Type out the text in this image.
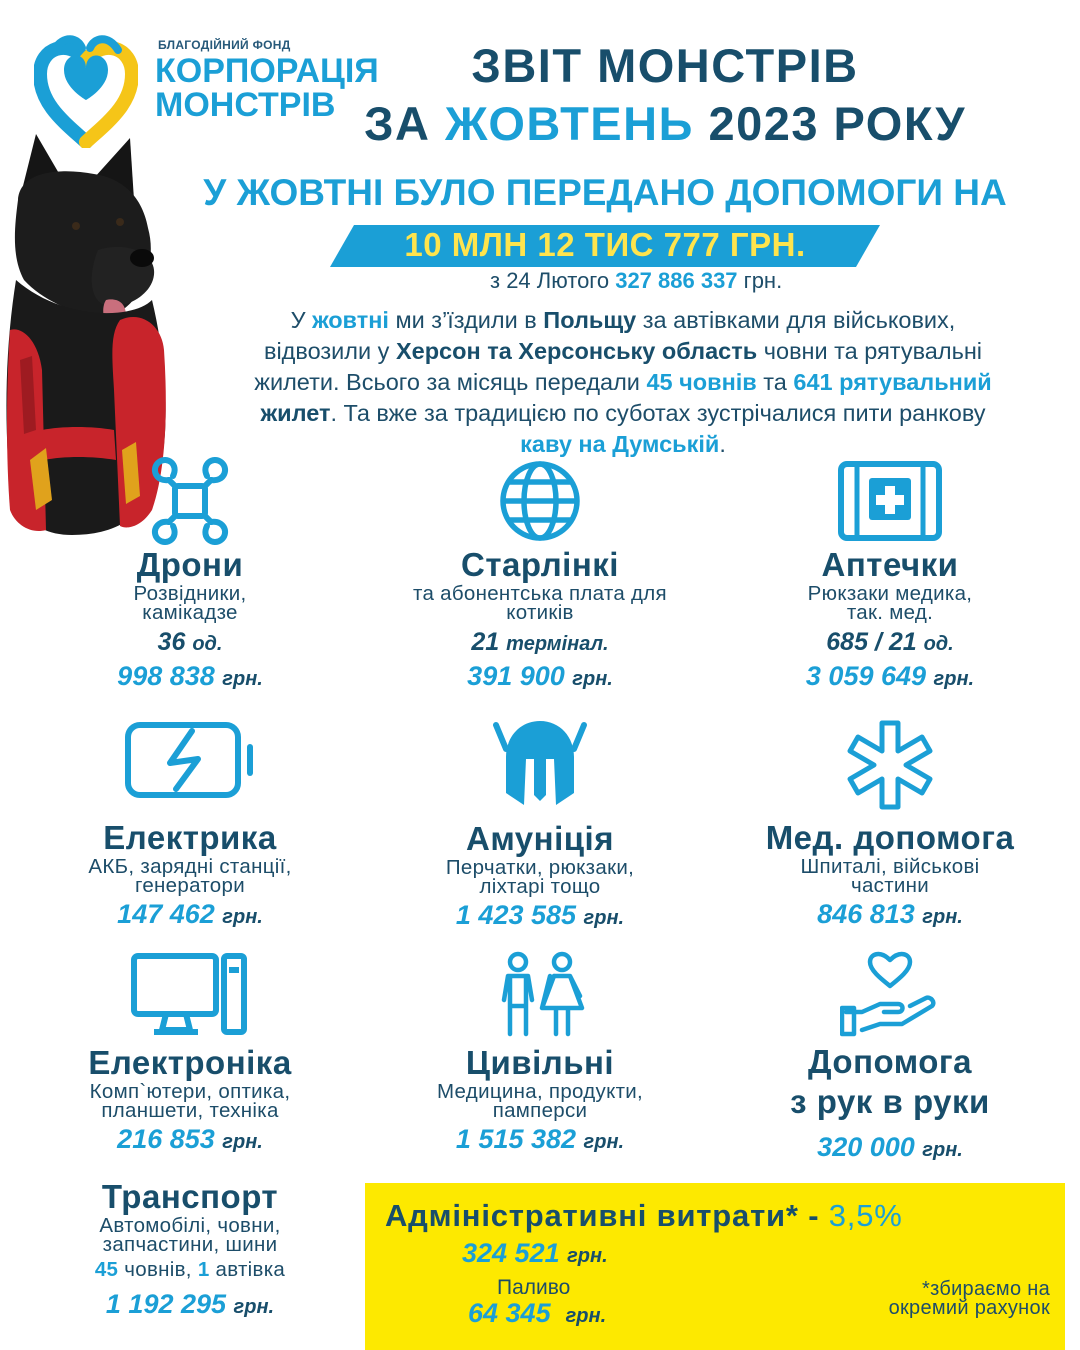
БЛАГОДІЙНИЙ ФОНД
КОРПОРАЦІЯ
МОНСТРІВ
ЗВІТ МОНСТРІВ
ЗА ЖОВТЕНЬ 2023 РОКУ
У ЖОВТНІ БУЛО ПЕРЕДАНО ДОПОМОГИ НА
10 МЛН 12 ТИС 777 ГРН.
з 24 Лютого 327 886 337 грн.
У жовтні ми з’їздили в Польщу за автівками для військових,
відвозили у Херсон та Херсонську область човни та рятувальні
жилети. Всього за місяць передали 45 човнів та 641 рятувальний
жилет. Та вже за традицією по суботах зустрічалися пити ранкову
каву на Думській.
Дрони
Розвідники,
камікадзе
36 од.
998 838 грн.
Старлінкі
та абонентська плата для
котиків
21 термінал.
391 900 грн.
Аптечки
Рюкзаки медика,
так. мед.
685 / 21 од.
3 059 649 грн.
Електрика
АКБ, зарядні станції,
генератори
147 462 грн.
Амуніція
Перчатки, рюкзаки,
ліхтарі тощо
1 423 585 грн.
Мед. допомога
Шпиталі, військові
частини
846 813 грн.
Електроніка
Комп`ютери, оптика,
планшети, техніка
216 853 грн.
Цивільні
Медицина, продукти,
памперси
1 515 382 грн.
Допомога
з рук в руки
320 000 грн.
Транспорт
Автомобілі, човни,
запчастини, шини
45 човнів, 1 автівка
1 192 295 грн.
Адміністративні витрати* - 3,5%
324 521 грн.
Паливо
64 345 грн.
*збираємо на
окремий рахунок
